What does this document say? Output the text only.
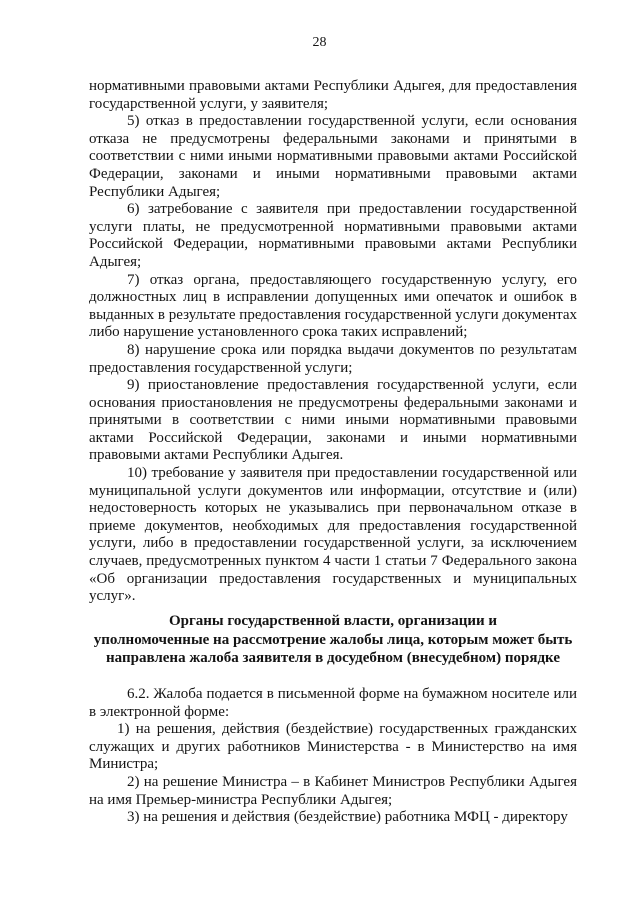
28

нормативными правовыми актами Республики Адыгея, для предоставления государственной услуги, у заявителя;

5) отказ в предоставлении государственной услуги, если основания отказа не предусмотрены федеральными законами и принятыми в соответствии с ними иными нормативными правовыми актами Российской Федерации, законами и иными нормативными правовыми актами Республики Адыгея;

6) затребование с заявителя при предоставлении государственной услуги платы, не предусмотренной нормативными правовыми актами Российской Федерации, нормативными правовыми актами Республики Адыгея;

7) отказ органа, предоставляющего государственную услугу, его должностных лиц в исправлении допущенных ими опечаток и ошибок в выданных в результате предоставления государственной услуги документах либо нарушение установленного срока таких исправлений;

8) нарушение срока или порядка выдачи документов по результатам предоставления государственной услуги;

9) приостановление предоставления государственной услуги, если основания приостановления не предусмотрены федеральными законами и принятыми в соответствии с ними иными нормативными правовыми актами Российской Федерации, законами и иными нормативными правовыми актами Республики Адыгея.

10) требование у заявителя при предоставлении государственной или муниципальной услуги документов или информации, отсутствие и (или) недостоверность которых не указывались при первоначальном отказе в приеме документов, необходимых для предоставления государственной услуги, либо в предоставлении государственной услуги, за исключением случаев, предусмотренных пунктом 4 части 1 статьи 7 Федерального закона «Об организации предоставления государственных и муниципальных услуг».

Органы государственной власти, организации и
уполномоченные на рассмотрение жалобы лица, которым может быть
направлена жалоба заявителя в досудебном (внесудебном) порядке

6.2. Жалоба подается в письменной форме на бумажном носителе или в электронной форме:

1) на решения, действия (бездействие) государственных гражданских служащих и других работников Министерства - в Министерство на имя Министра;

2) на решение Министра – в Кабинет Министров Республики Адыгея на имя Премьер-министра Республики Адыгея;

3) на решения и действия (бездействие) работника МФЦ - директору
